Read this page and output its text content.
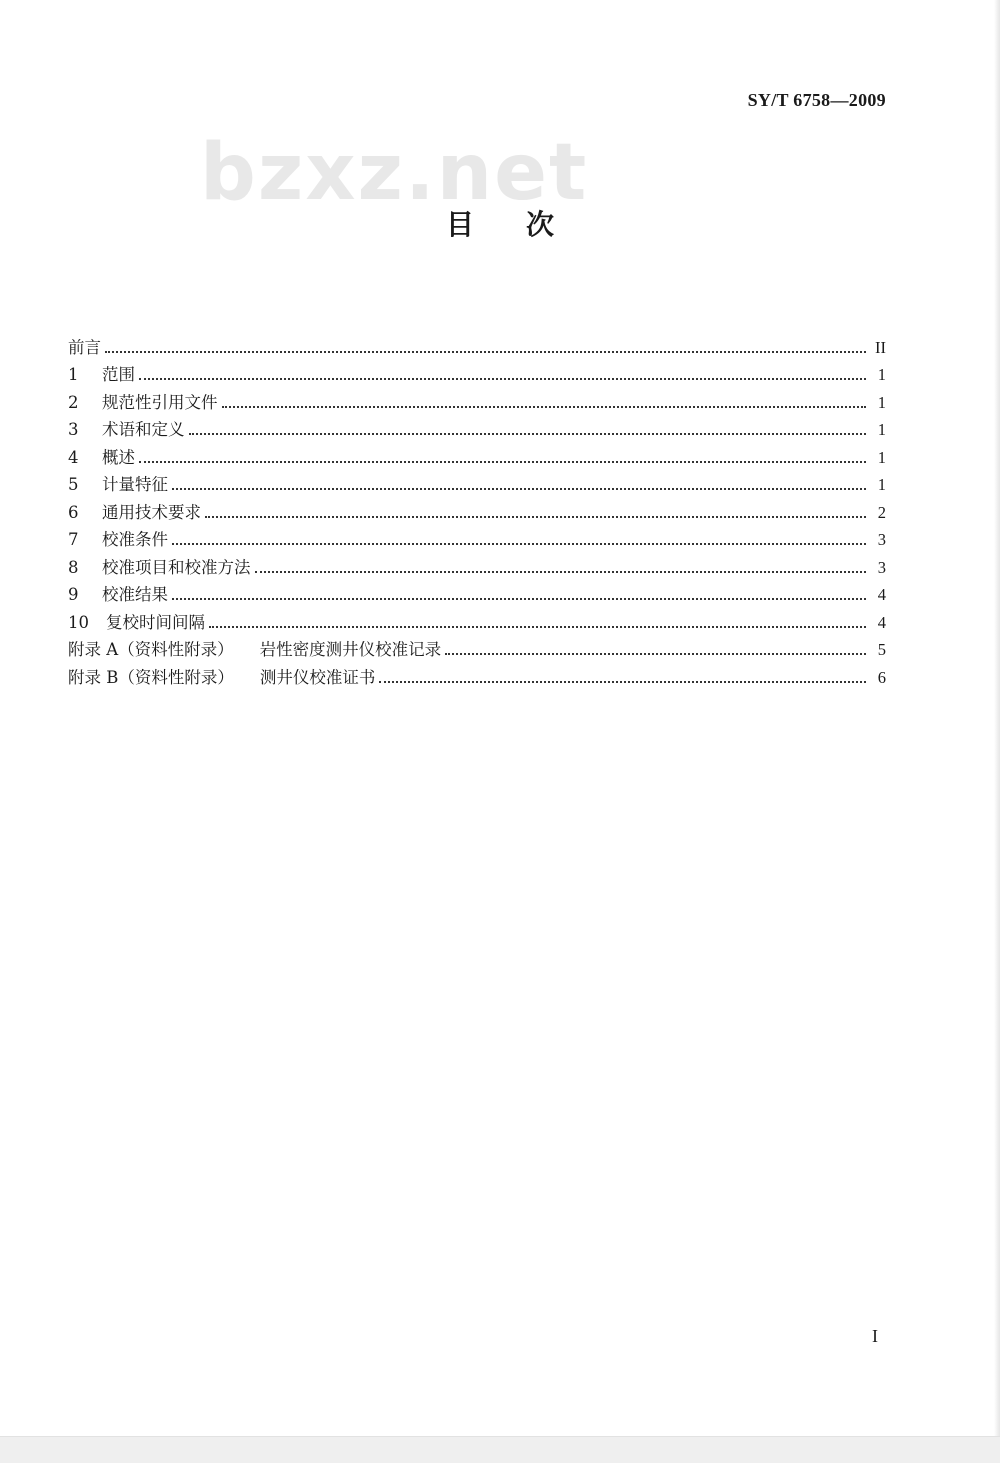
bzxz.net
SY/T 6758—2009
目次
前言	II
1	范围	1
2	规范性引用文件	1
3	术语和定义	1
4	概述	1
5	计量特征	1
6	通用技术要求	2
7	校准条件	3
8	校准项目和校准方法	3
9	校准结果	4
10	复校时间间隔	4
附录 A（资料性附录） 岩性密度测井仪校准记录	5
附录 B（资料性附录） 测井仪校准证书	6
I
